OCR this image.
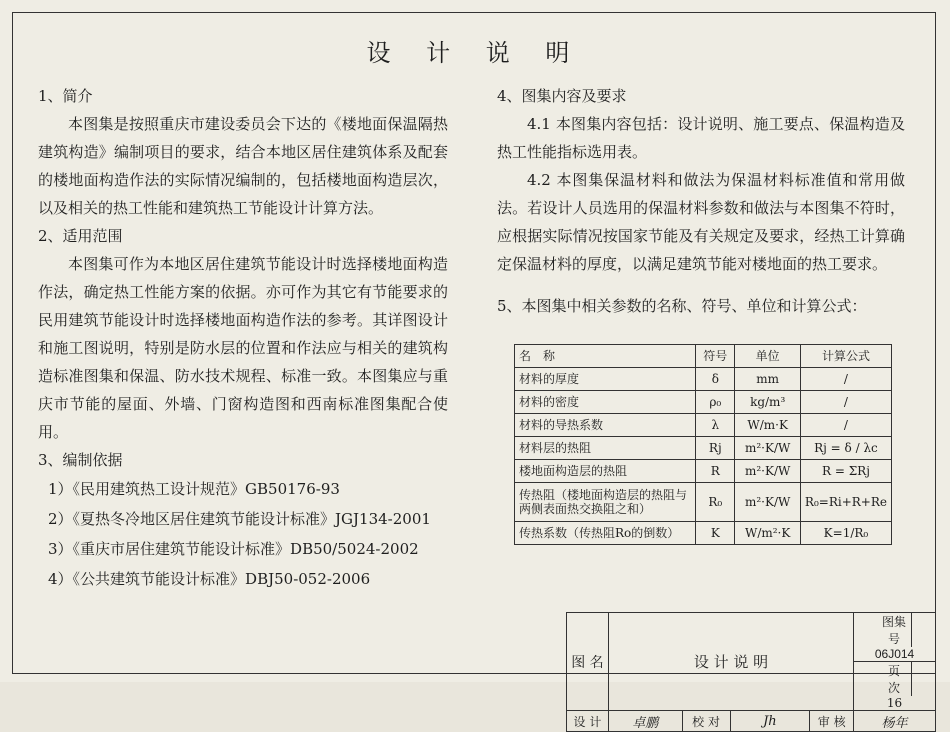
设 计 说 明

1、简介

本图集是按照重庆市建设委员会下达的《楼地面保温隔热建筑构造》编制项目的要求，结合本地区居住建筑体系及配套的楼地面构造作法的实际情况编制的，包括楼地面构造层次，以及相关的热工性能和建筑热工节能设计计算方法。

2、适用范围

本图集可作为本地区居住建筑节能设计时选择楼地面构造作法，确定热工性能方案的依据。亦可作为其它有节能要求的民用建筑节能设计时选择楼地面构造作法的参考。其详图设计和施工图说明，特别是防水层的位置和作法应与相关的建筑构造标准图集和保温、防水技术规程、标准一致。本图集应与重庆市节能的屋面、外墙、门窗构造图和西南标准图集配合使用。

3、编制依据

1）《民用建筑热工设计规范》GB50176-93

2）《夏热冬冷地区居住建筑节能设计标准》JGJ134-2001

3）《重庆市居住建筑节能设计标准》DB50/5024-2002

4）《公共建筑节能设计标准》DBJ50-052-2006

4、图集内容及要求

4.1 本图集内容包括：设计说明、施工要点、保温构造及热工性能指标选用表。

4.2 本图集保温材料和做法为保温材料标准值和常用做法。若设计人员选用的保温材料参数和做法与本图集不符时，应根据实际情况按国家节能及有关规定及要求，经热工计算确定保温材料的厚度，以满足建筑节能对楼地面的热工要求。

5、本图集中相关参数的名称、符号、单位和计算公式：

名　称	符号	单位	计算公式
材料的厚度	δ	mm	/
材料的密度	ρ₀	kg/m³	/
材料的导热系数	λ	W/m·K	/
材料层的热阻	Rj	m²·K/W	Rj = δ / λc
楼地面构造层的热阻	R	m²·K/W	R = ΣRj
传热阻（楼地面构造层的热阻与两侧表面热交换阻之和）	R₀	m²·K/W	R₀=Ri+R+Re
传热系数（传热阻Ro的倒数）	K	W/m²·K	K=1/R₀
图 名	设 计 说 明				图集号 06J014
					页　次 16
设 计	卓鹏	校 对	Jh	审 核	杨年
